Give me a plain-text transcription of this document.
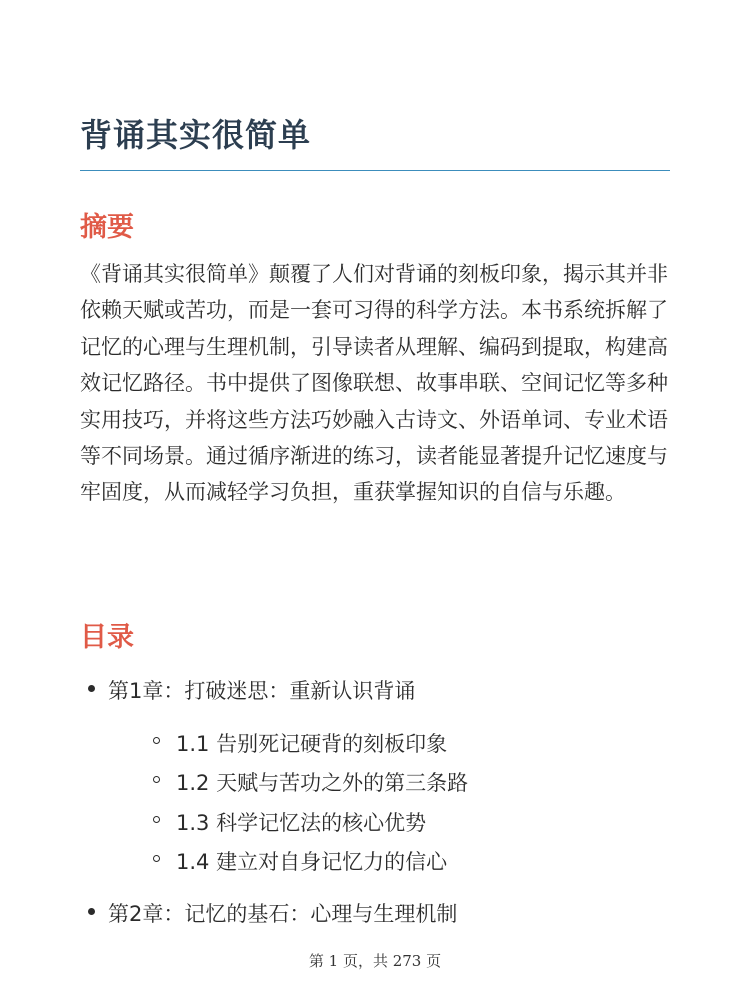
背诵其实很简单
摘要

《背诵其实很简单》颠覆了人们对背诵的刻板印象，揭示其并非依赖天赋或苦功，而是一套可习得的科学方法。本书系统拆解了记忆的心理与生理机制，引导读者从理解、编码到提取，构建高效记忆路径。书中提供了图像联想、故事串联、空间记忆等多种实用技巧，并将这些方法巧妙融入古诗文、外语单词、专业术语等不同场景。通过循序渐进的练习，读者能显著提升记忆速度与牢固度，从而减轻学习负担，重获掌握知识的自信与乐趣。

目录
第1章：打破迷思：重新认识背诵
1.1 告别死记硬背的刻板印象
1.2 天赋与苦功之外的第三条路
1.3 科学记忆法的核心优势
1.4 建立对自身记忆力的信心
第2章：记忆的基石：心理与生理机制
第 1 页，共 273 页
